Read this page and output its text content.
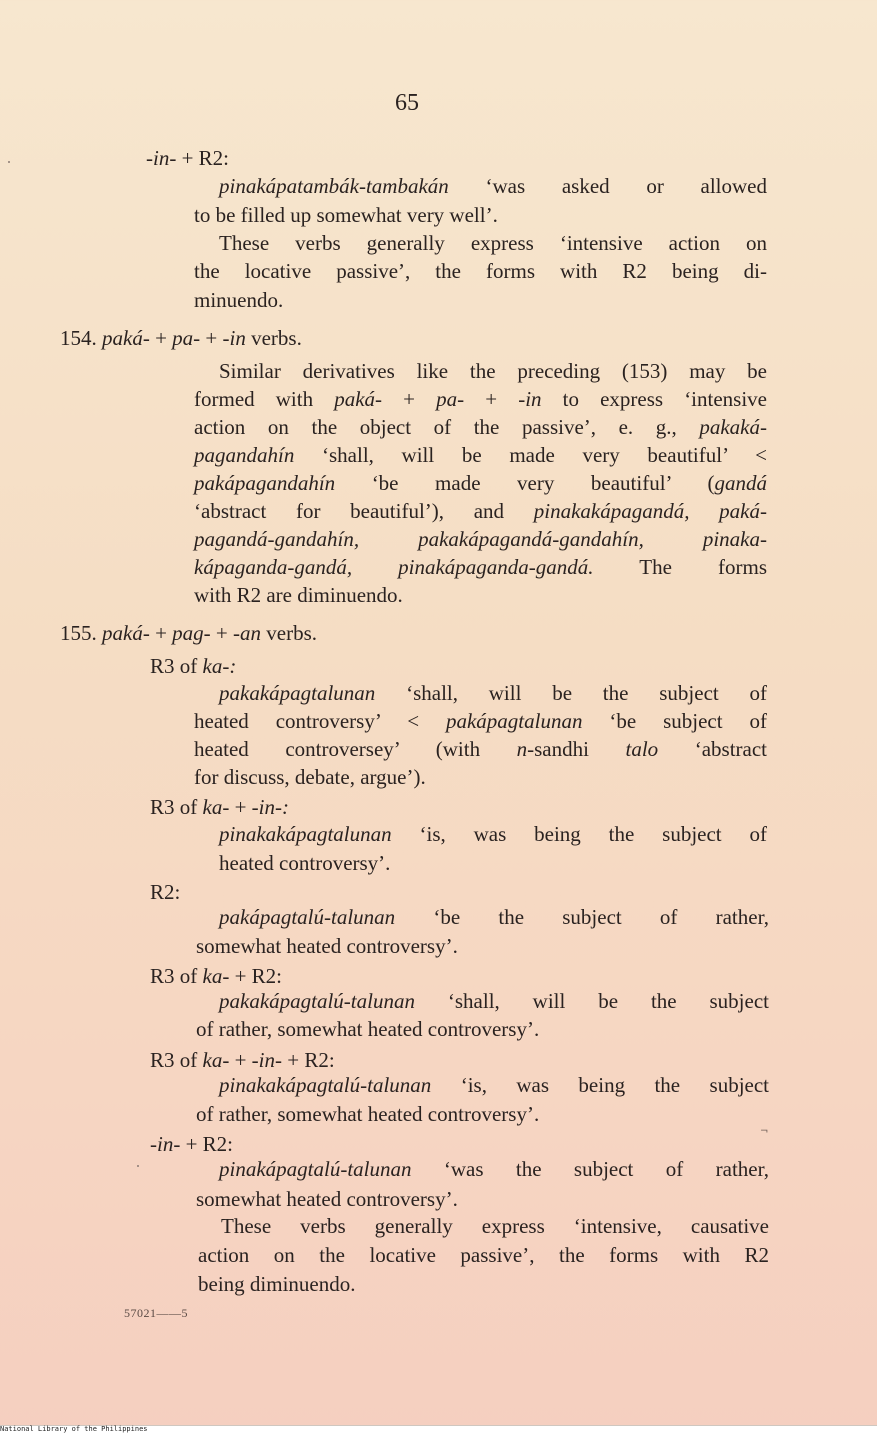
65
-in- + R2:
pinakápatambák-tambakán ‘was asked or allowed
to be filled up somewhat very well’.
These verbs generally express ‘intensive action on
the locative passive’, the forms with R2 being di-
minuendo.
154. paká- + pa- + -in verbs.
Similar derivatives like the preceding (153) may be
formed with paká- + pa- + -in to express ‘intensive
action on the object of the passive’, e. g., pakaká-
pagandahín ‘shall, will be made very beautiful’ <
pakápagandahín ‘be made very beautiful’ (gandá
‘abstract for beautiful’), and pinakakápagandá, paká-
pagandá-gandahín, pakakápagandá-gandahín, pinaka-
kápaganda-gandá, pinakápaganda-gandá. The forms
with R2 are diminuendo.
155. paká- + pag- + -an verbs.
R3 of ka-:
pakakápagtalunan ‘shall, will be the subject of
heated controversy’ < pakápagtalunan ‘be subject of
heated controversey’ (with n-sandhi talo ‘abstract
for discuss, debate, argue’).
R3 of ka- + -in-:
pinakakápagtalunan ‘is, was being the subject of
heated controversy’.
R2:
pakápagtalú-talunan ‘be the subject of rather,
somewhat heated controversy’.
R3 of ka- + R2:
pakakápagtalú-talunan ‘shall, will be the subject
of rather, somewhat heated controversy’.
R3 of ka- + -in- + R2:
pinakakápagtalú-talunan ‘is, was being the subject
of rather, somewhat heated controversy’.
-in- + R2:
pinakápagtalú-talunan ‘was the subject of rather,
somewhat heated controversy’.
These verbs generally express ‘intensive, causative
action on the locative passive’, the forms with R2
being diminuendo.
¬
57021——5
National Library of the Philippines
